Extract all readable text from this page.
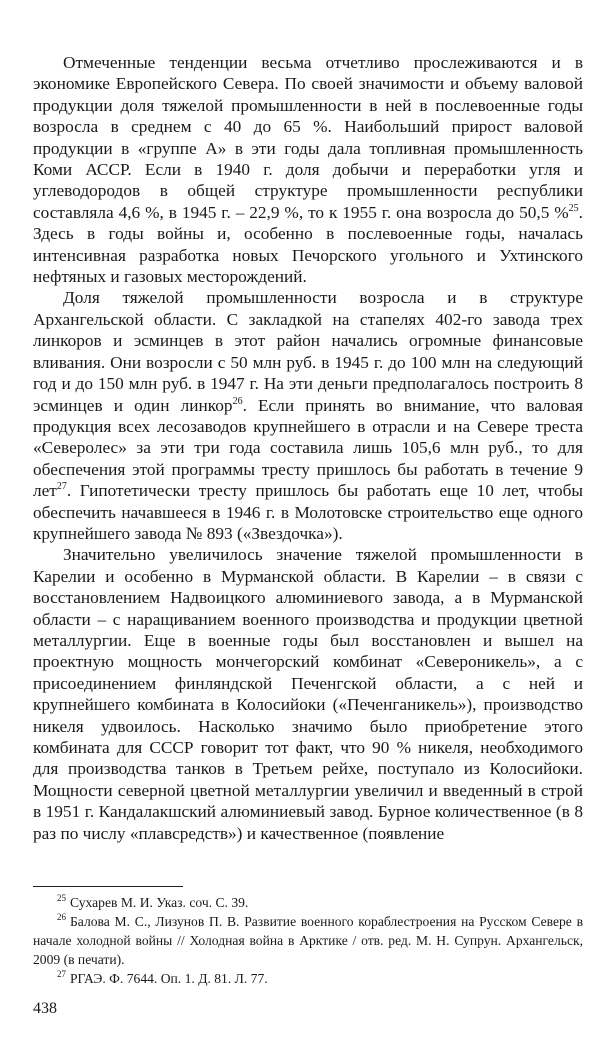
Отмеченные тенденции весьма отчетливо прослеживаются и в экономике Европейского Севера. По своей значимости и объему валовой продукции доля тяжелой промышленности в ней в послевоенные годы возросла в среднем с 40 до 65 %. Наибольший прирост валовой продукции в «группе А» в эти годы дала топливная промышленность Коми АССР. Если в 1940 г. доля добычи и переработки угля и углеводородов в общей структуре промышленности республики составляла 4,6 %, в 1945 г. – 22,9 %, то к 1955 г. она возросла до 50,5 %$^{25}$. Здесь в годы войны и, особенно в послевоенные годы, началась интенсивная разработка новых Печорского угольного и Ухтинского нефтяных и газовых месторождений.

Доля тяжелой промышленности возросла и в структуре Архангельской области. С закладкой на стапелях 402-го завода трех линкоров и эсминцев в этот район начались огромные финансовые вливания. Они возросли с 50 млн руб. в 1945 г. до 100 млн на следующий год и до 150 млн руб. в 1947 г. На эти деньги предполагалось построить 8 эсминцев и один линкор$^{26}$. Если принять во внимание, что валовая продукция всех лесозаводов крупнейшего в отрасли и на Севере треста «Северолес» за эти три года составила лишь 105,6 млн руб., то для обеспечения этой программы тресту пришлось бы работать в течение 9 лет$^{27}$. Гипотетически тресту пришлось бы работать еще 10 лет, чтобы обеспечить начавшееся в 1946 г. в Молотовске строительство еще одного крупнейшего завода № 893 («Звездочка»).

Значительно увеличилось значение тяжелой промышленности в Карелии и особенно в Мурманской области. В Карелии – в связи с восстановлением Надвоицкого алюминиевого завода, а в Мурманской области – с наращиванием военного производства и продукции цветной металлургии. Еще в военные годы был восстановлен и вышел на проектную мощность мончегорский комбинат «Североникель», а с присоединением финляндской Печенгской области, а с ней и крупнейшего комбината в Колосийоки («Печенганикель»), производство никеля удвоилось. Насколько значимо было приобретение этого комбината для СССР говорит тот факт, что 90 % никеля, необходимого для производства танков в Третьем рейхе, поступало из Колосийоки. Мощности северной цветной металлургии увеличил и введенный в строй в 1951 г. Кандалакшский алюминиевый завод. Бурное количественное (в 8 раз по числу «плавсредств») и качественное (появление

$^{25}$ Сухарев М. И. Указ. соч. С. 39.

$^{26}$ Балова М. С., Лизунов П. В. Развитие военного кораблестроения на Русском Севере в начале холодной войны // Холодная война в Арктике / отв. ред. М. Н. Супрун. Архангельск, 2009 (в печати).

$^{27}$ РГАЭ. Ф. 7644. Оп. 1. Д. 81. Л. 77.

438
